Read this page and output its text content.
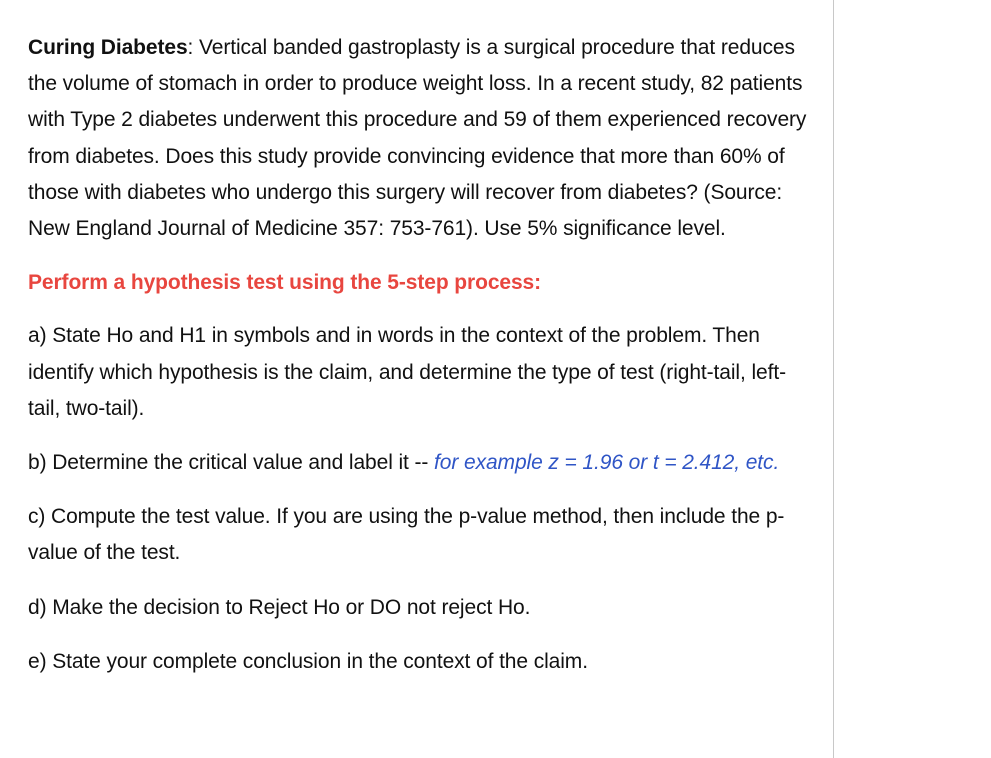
Curing Diabetes: Vertical banded gastroplasty is a surgical procedure that reduces the volume of stomach in order to produce weight loss. In a recent study, 82 patients with Type 2 diabetes underwent this procedure and 59 of them experienced recovery from diabetes. Does this study provide convincing evidence that more than 60% of those with diabetes who undergo this surgery will recover from diabetes? (Source: New England Journal of Medicine 357: 753-761). Use 5% significance level.

Perform a hypothesis test using the 5-step process:

a) State Ho and H1 in symbols and in words in the context of the problem. Then identify which hypothesis is the claim, and determine the type of test (right-tail, left-tail, two-tail).

b) Determine the critical value and label it -- for example z = 1.96 or t = 2.412, etc.

c) Compute the test value. If you are using the p-value method, then include the p-value of the test.

d) Make the decision to Reject Ho or DO not reject Ho.

e) State your complete conclusion in the context of the claim.
